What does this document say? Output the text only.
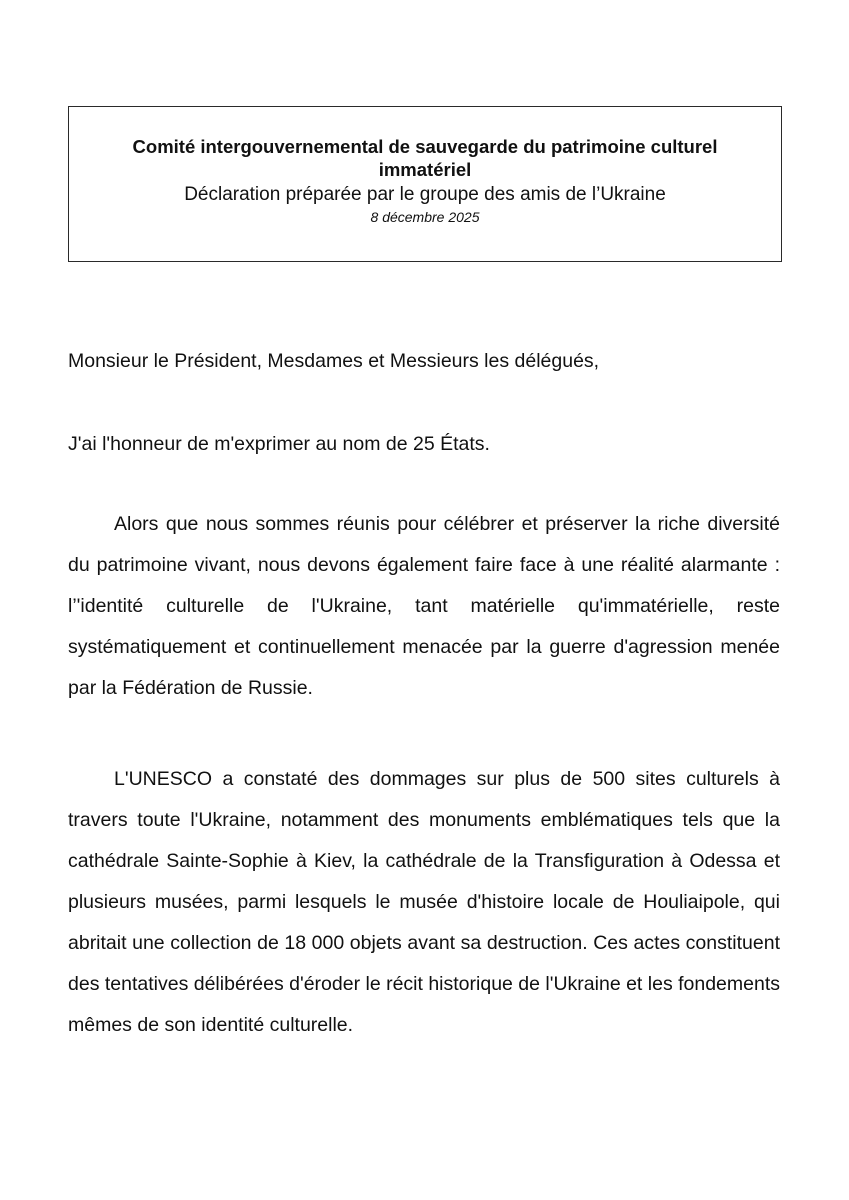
Comité intergouvernemental de sauvegarde du patrimoine culturel immatériel

Déclaration préparée par le groupe des amis de l’Ukraine

8 décembre 2025

Monsieur le Président, Mesdames et Messieurs les délégués,

J'ai l'honneur de m'exprimer au nom de 25 États.

Alors que nous sommes réunis pour célébrer et préserver la riche diversité du patrimoine vivant, nous devons également faire face à une réalité alarmante : l’'identité culturelle de l'Ukraine, tant matérielle qu'immatérielle, reste systématiquement et continuellement menacée par la guerre d'agression menée par la Fédération de Russie.

L'UNESCO a constaté des dommages sur plus de 500 sites culturels à travers toute l'Ukraine, notamment des monuments emblématiques tels que la cathédrale Sainte-Sophie à Kiev, la cathédrale de la Transfiguration à Odessa et plusieurs musées, parmi lesquels le musée d'histoire locale de Houliaipole, qui abritait une collection de 18 000 objets avant sa destruction. Ces actes constituent des tentatives délibérées d'éroder le récit historique de l'Ukraine et les fondements mêmes de son identité culturelle.
